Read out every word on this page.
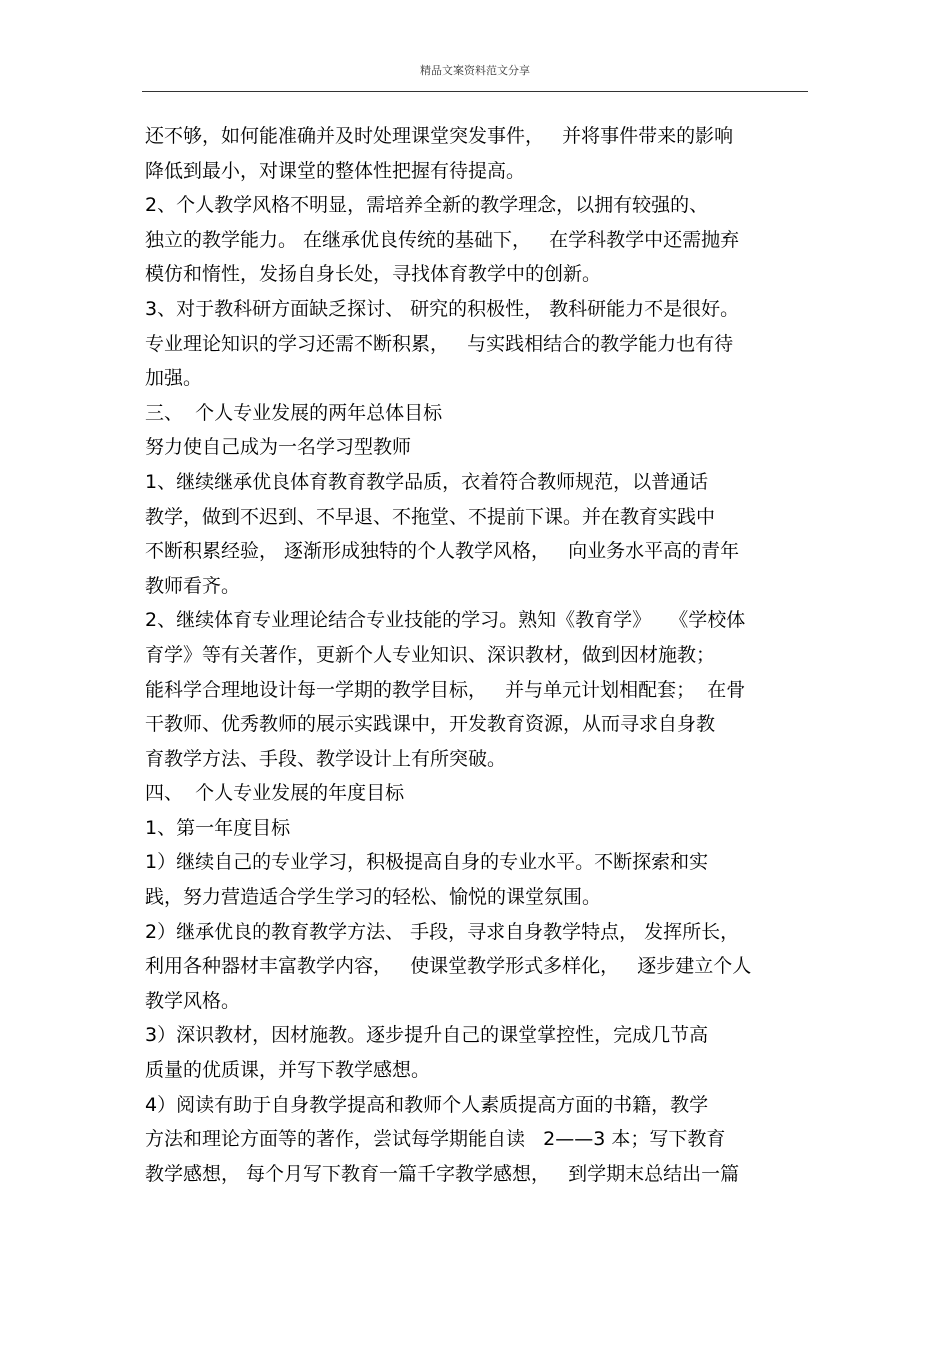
精品文案资料范文分享
还不够，如何能准确并及时处理课堂突发事件，   并将事件带来的影响
降低到最小，对课堂的整体性把握有待提高。
2、个人教学风格不明显，需培养全新的教学理念，以拥有较强的、
独立的教学能力。 在继承优良传统的基础下，   在学科教学中还需抛弃
模仿和惰性，发扬自身长处，寻找体育教学中的创新。
3、对于教科研方面缺乏探讨、 研究的积极性， 教科研能力不是很好。
专业理论知识的学习还需不断积累，   与实践相结合的教学能力也有待
加强。
三、  个人专业发展的两年总体目标
努力使自己成为一名学习型教师
1、继续继承优良体育教育教学品质，衣着符合教师规范，以普通话
教学，做到不迟到、不早退、不拖堂、不提前下课。并在教育实践中
不断积累经验， 逐渐形成独特的个人教学风格，   向业务水平高的青年
教师看齐。
2、继续体育专业理论结合专业技能的学习。熟知《教育学》   《学校体
育学》等有关著作，更新个人专业知识、深识教材，做到因材施教；
能科学合理地设计每一学期的教学目标，   并与单元计划相配套；  在骨
干教师、优秀教师的展示实践课中，开发教育资源，从而寻求自身教
育教学方法、手段、教学设计上有所突破。
四、  个人专业发展的年度目标
1、第一年度目标
1）继续自己的专业学习，积极提高自身的专业水平。不断探索和实
践，努力营造适合学生学习的轻松、愉悦的课堂氛围。
2）继承优良的教育教学方法、 手段，寻求自身教学特点， 发挥所长，
利用各种器材丰富教学内容，   使课堂教学形式多样化，   逐步建立个人
教学风格。
3）深识教材，因材施教。逐步提升自己的课堂掌控性，完成几节高
质量的优质课，并写下教学感想。
4）阅读有助于自身教学提高和教师个人素质提高方面的书籍，教学
方法和理论方面等的著作，尝试每学期能自读   2——3 本；写下教育
教学感想， 每个月写下教育一篇千字教学感想，   到学期末总结出一篇
